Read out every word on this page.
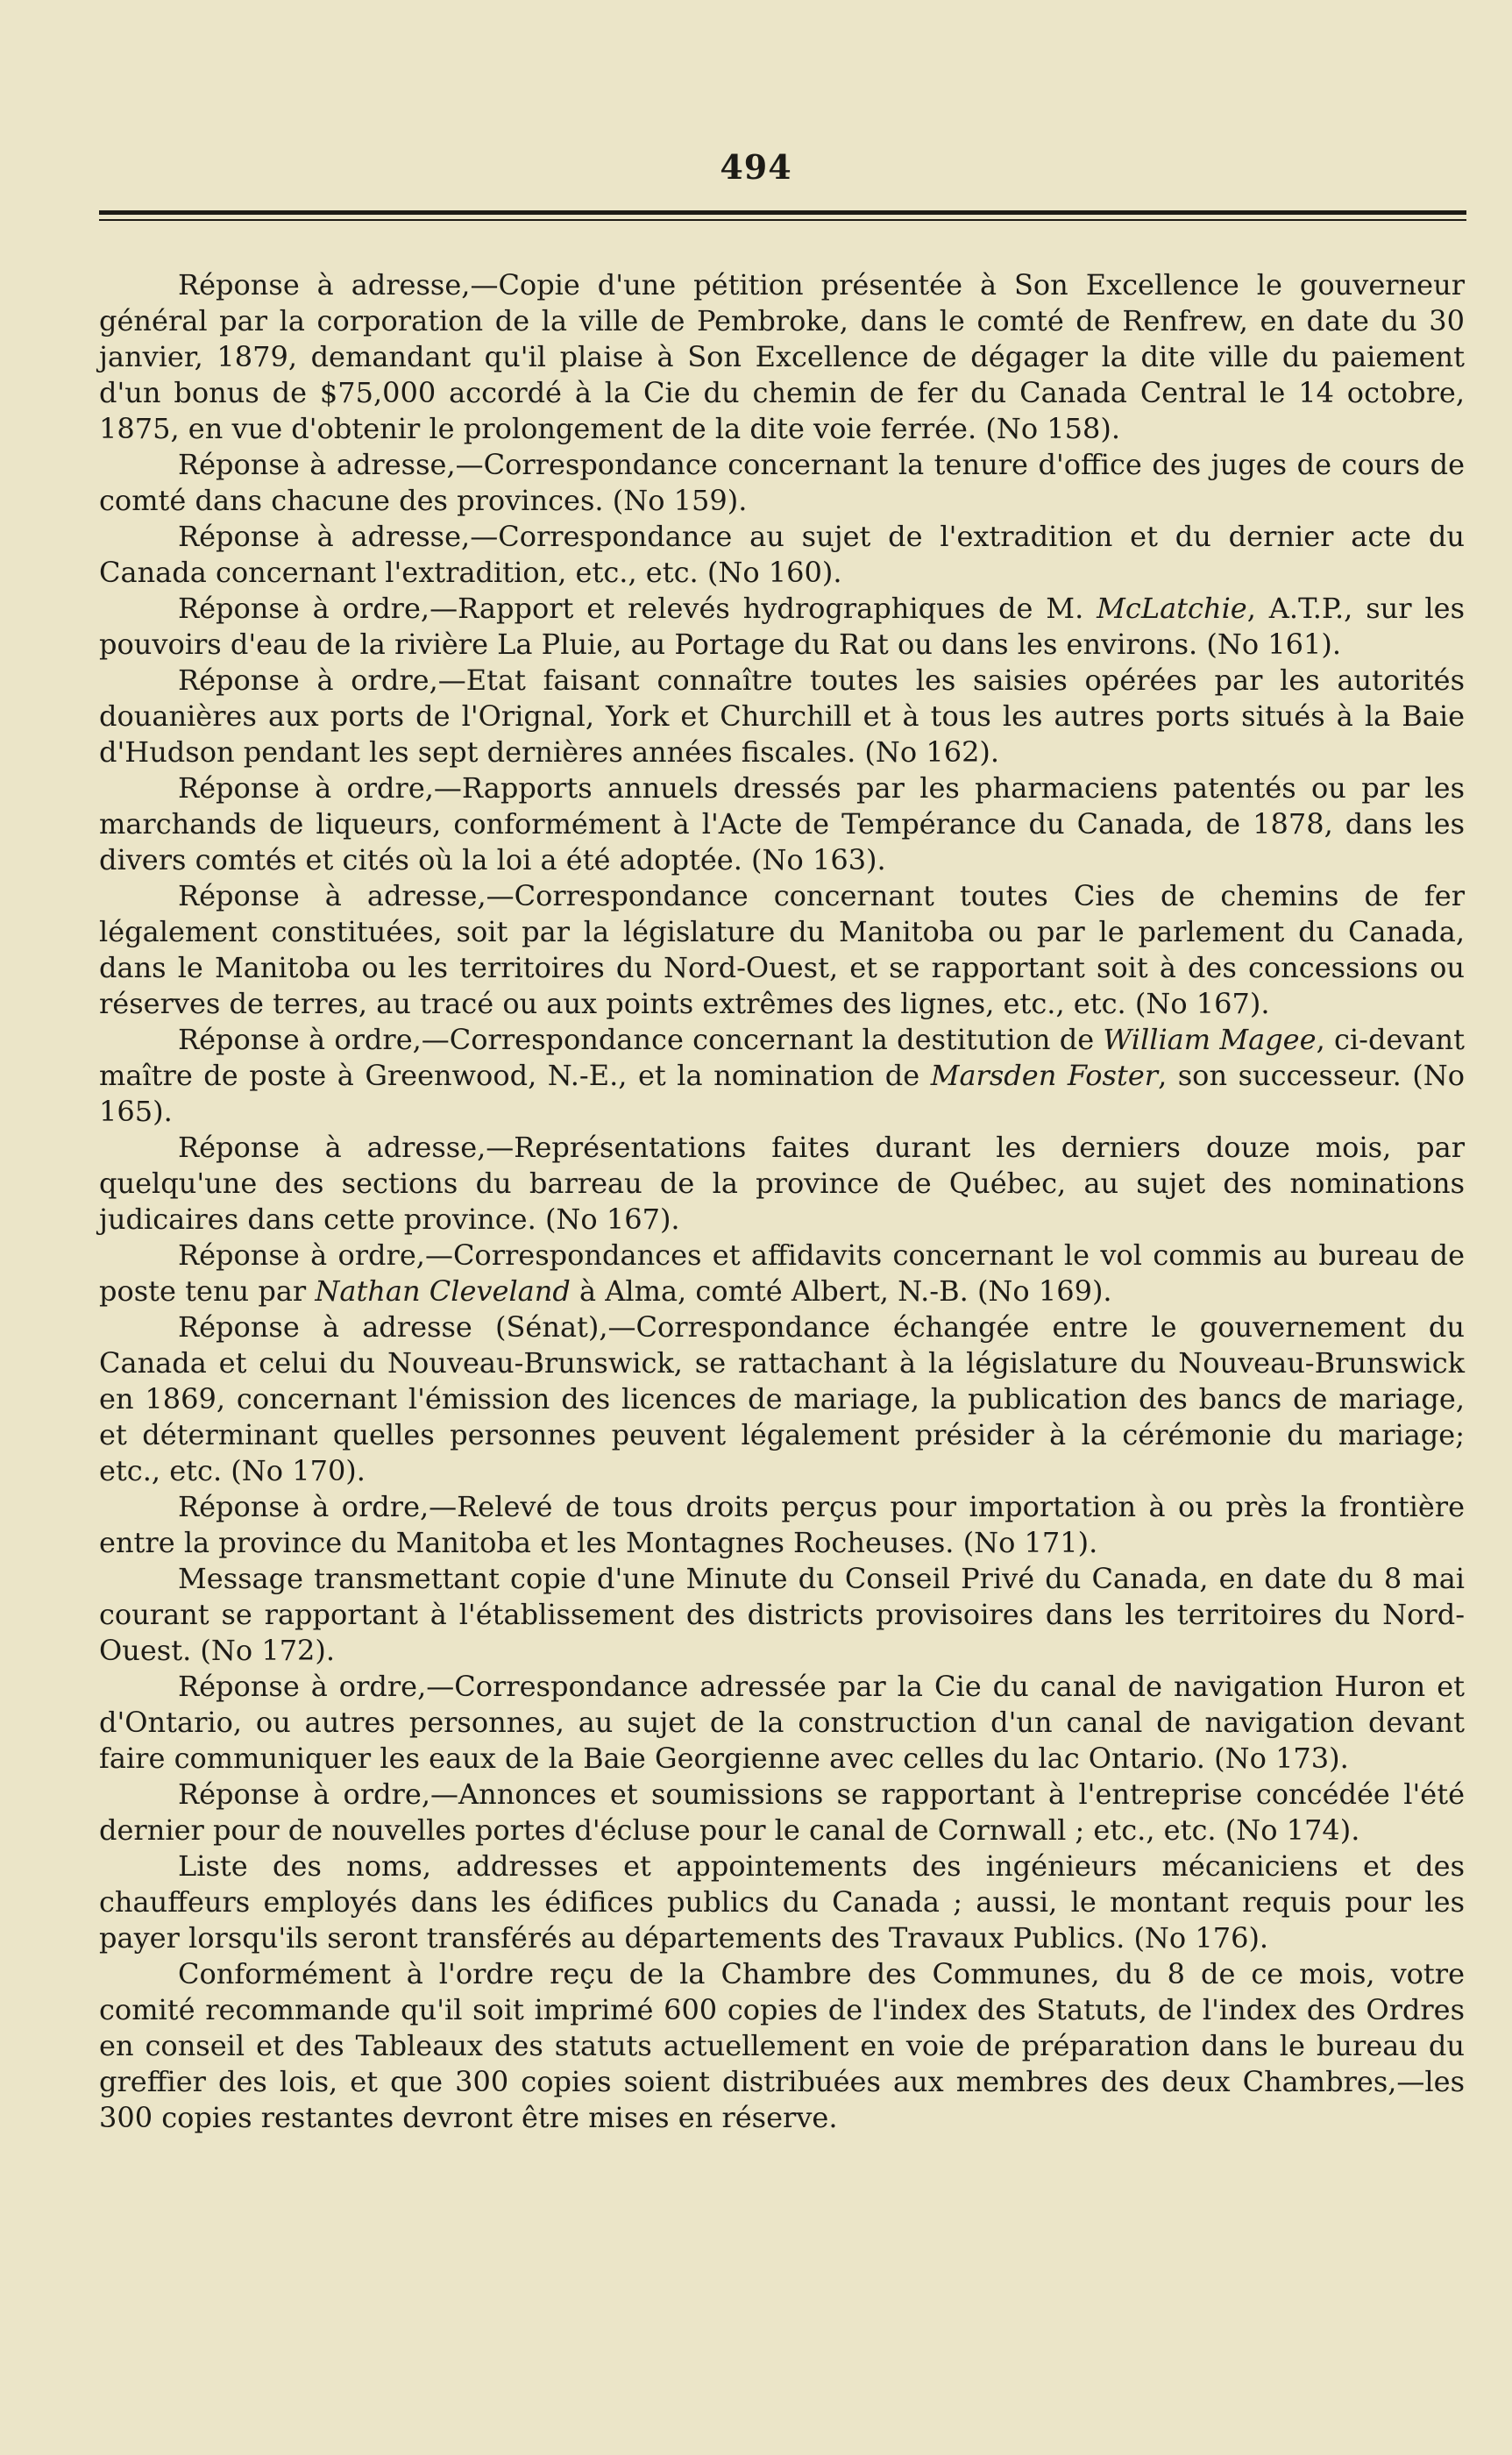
494

Réponse à adresse,—Copie d'une pétition présentée à Son Excellence le gouverneur général par la corporation de la ville de Pembroke, dans le comté de Renfrew, en date du 30 janvier, 1879, demandant qu'il plaise à Son Excellence de dégager la dite ville du paiement d'un bonus de $75,000 accordé à la Cie du chemin de fer du Canada Central le 14 octobre, 1875, en vue d'obtenir le prolongement de la dite voie ferrée. (No 158).

Réponse à adresse,—Correspondance concernant la tenure d'office des juges de cours de comté dans chacune des provinces. (No 159).

Réponse à adresse,—Correspondance au sujet de l'extradition et du dernier acte du Canada concernant l'extradition, etc., etc. (No 160).

Réponse à ordre,—Rapport et relevés hydrographiques de M. McLatchie, A.T.P., sur les pouvoirs d'eau de la rivière La Pluie, au Portage du Rat ou dans les environs. (No 161).

Réponse à ordre,—Etat faisant connaître toutes les saisies opérées par les autorités douanières aux ports de l'Orignal, York et Churchill et à tous les autres ports situés à la Baie d'Hudson pendant les sept dernières années fiscales. (No 162).

Réponse à ordre,—Rapports annuels dressés par les pharmaciens patentés ou par les marchands de liqueurs, conformément à l'Acte de Tempérance du Canada, de 1878, dans les divers comtés et cités où la loi a été adoptée. (No 163).

Réponse à adresse,—Correspondance concernant toutes Cies de chemins de fer légalement constituées, soit par la législature du Manitoba ou par le parlement du Canada, dans le Manitoba ou les territoires du Nord-Ouest, et se rapportant soit à des concessions ou réserves de terres, au tracé ou aux points extrêmes des lignes, etc., etc. (No 167).

Réponse à ordre,—Correspondance concernant la destitution de William Magee, ci-devant maître de poste à Greenwood, N.-E., et la nomination de Marsden Foster, son successeur. (No 165).

Réponse à adresse,—Représentations faites durant les derniers douze mois, par quelqu'une des sections du barreau de la province de Québec, au sujet des nominations judicaires dans cette province. (No 167).

Réponse à ordre,—Correspondances et affidavits concernant le vol commis au bureau de poste tenu par Nathan Cleveland à Alma, comté Albert, N.-B. (No 169).

Réponse à adresse (Sénat),—Correspondance échangée entre le gouvernement du Canada et celui du Nouveau-Brunswick, se rattachant à la législature du Nouveau-Brunswick en 1869, concernant l'émission des licences de mariage, la publication des bancs de mariage, et déterminant quelles personnes peuvent légalement présider à la cérémonie du mariage; etc., etc. (No 170).

Réponse à ordre,—Relevé de tous droits perçus pour importation à ou près la frontière entre la province du Manitoba et les Montagnes Rocheuses. (No 171).

Message transmettant copie d'une Minute du Conseil Privé du Canada, en date du 8 mai courant se rapportant à l'établissement des districts provisoires dans les territoires du Nord-Ouest. (No 172).

Réponse à ordre,—Correspondance adressée par la Cie du canal de navigation Huron et d'Ontario, ou autres personnes, au sujet de la construction d'un canal de navigation devant faire communiquer les eaux de la Baie Georgienne avec celles du lac Ontario. (No 173).

Réponse à ordre,—Annonces et soumissions se rapportant à l'entreprise concédée l'été dernier pour de nouvelles portes d'écluse pour le canal de Cornwall ; etc., etc. (No 174).

Liste des noms, addresses et appointements des ingénieurs mécaniciens et des chauffeurs employés dans les édifices publics du Canada ; aussi, le montant requis pour les payer lorsqu'ils seront transférés au départements des Travaux Publics. (No 176).

Conformément à l'ordre reçu de la Chambre des Communes, du 8 de ce mois, votre comité recommande qu'il soit imprimé 600 copies de l'index des Statuts, de l'index des Ordres en conseil et des Tableaux des statuts actuellement en voie de préparation dans le bureau du greffier des lois, et que 300 copies soient distribuées aux membres des deux Chambres,—les 300 copies restantes devront être mises en réserve.
